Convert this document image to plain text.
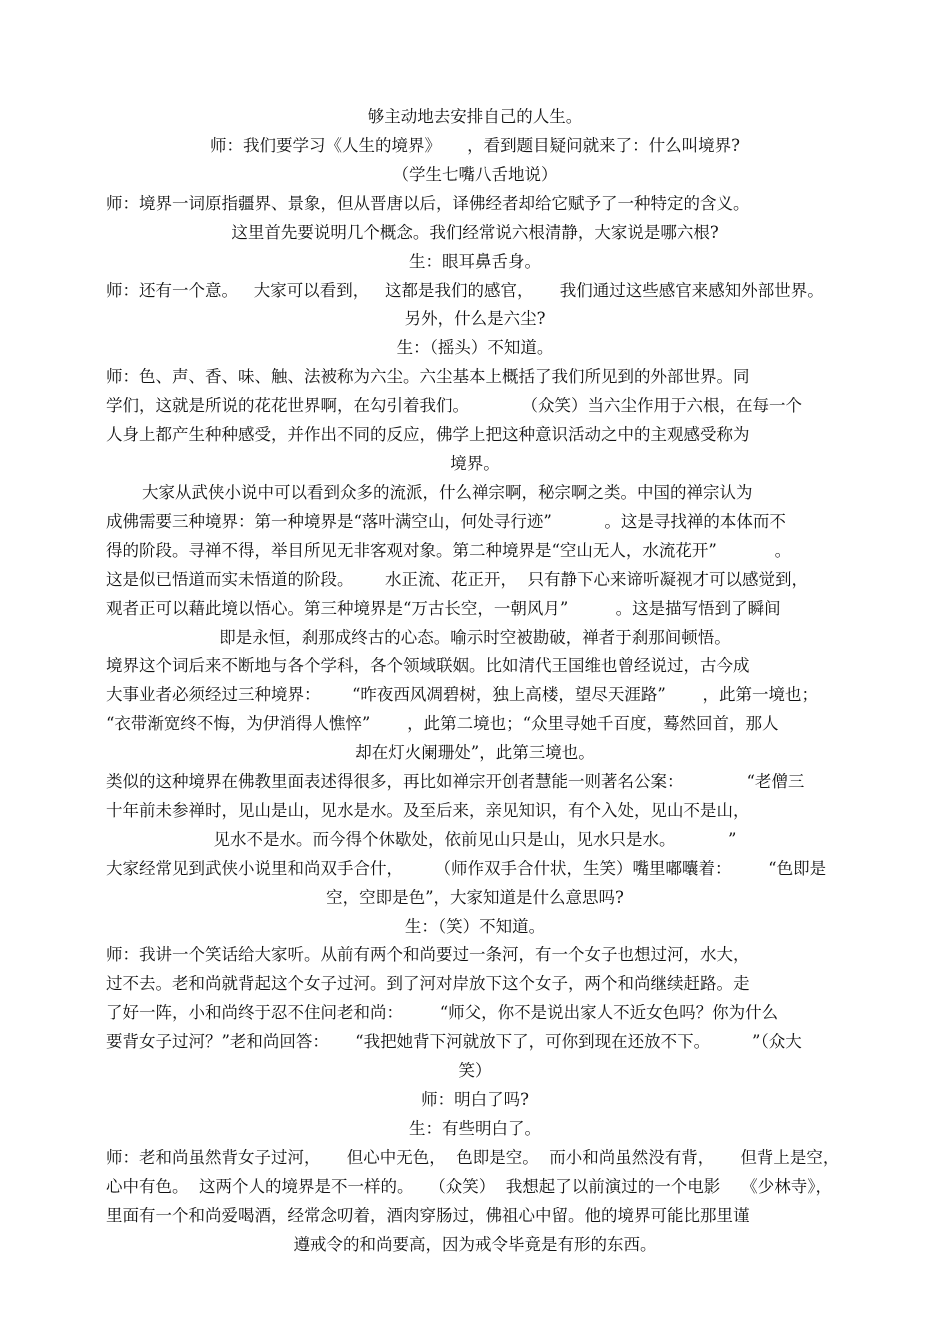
够主动地去安排自己的人生。
师：我们要学习《人生的境界》     ，看到题目疑问就来了：什么叫境界?
（学生七嘴八舌地说）
师：境界一词原指疆界、景象，但从晋唐以后，译佛经者却给它赋予了一种特定的含义。
这里首先要说明几个概念。我们经常说六根清静，大家说是哪六根?
生：眼耳鼻舌身。
师：还有一个意。   大家可以看到，   这都是我们的感官，     我们通过这些感官来感知外部世界。
另外，什么是六尘?
生：（摇头）不知道。
师：色、声、香、味、触、法被称为六尘。六尘基本上概括了我们所见到的外部世界。同
学们，这就是所说的花花世界啊，在勾引着我们。          （众笑）当六尘作用于六根，在每一个
人身上都产生种种感受，并作出不同的反应，佛学上把这种意识活动之中的主观感受称为
境界。
大家从武侠小说中可以看到众多的流派，什么禅宗啊，秘宗啊之类。中国的禅宗认为
成佛需要三种境界：第一种境界是“落叶满空山，何处寻行迹”          。这是寻找禅的本体而不
得的阶段。寻禅不得，举目所见无非客观对象。第二种境界是“空山无人，水流花开”           。
这是似已悟道而实未悟道的阶段。      水正流、花正开，  只有静下心来谛听凝视才可以感觉到，
观者正可以藉此境以悟心。第三种境界是“万古长空，一朝风月”         。这是描写悟到了瞬间
即是永恒，刹那成终古的心态。喻示时空被勘破，禅者于刹那间顿悟。
境界这个词后来不断地与各个学科，各个领域联姻。比如清代王国维也曾经说过，古今成
大事业者必须经过三种境界：      “昨夜西风凋碧树，独上高楼，望尽天涯路”       ，此第一境也；
“衣带渐宽终不悔，为伊消得人憔悴”       ，此第二境也；“众里寻她千百度，蓦然回首，那人
却在灯火阑珊处”，此第三境也。
类似的这种境界在佛教里面表述得很多，再比如禅宗开创者慧能一则著名公案：            “老僧三
十年前未参禅时，见山是山，见水是水。及至后来，亲见知识，有个入处，见山不是山，
见水不是水。而今得个休歇处，依前见山只是山，见水只是水。          ”
大家经常见到武侠小说里和尚双手合什，      （师作双手合什状，生笑）嘴里嘟囔着：       “色即是
空，空即是色”，大家知道是什么意思吗?
生：（笑）不知道。
师：我讲一个笑话给大家听。从前有两个和尚要过一条河，有一个女子也想过河，水大，
过不去。老和尚就背起这个女子过河。到了河对岸放下这个女子，两个和尚继续赶路。走
了好一阵，小和尚终于忍不住问老和尚：       “师父，你不是说出家人不近女色吗？你为什么
要背女子过河？”老和尚回答：     “我把她背下河就放下了，可你到现在还放不下。        ”（众大
笑）
师：明白了吗?
生：有些明白了。
师：老和尚虽然背女子过河，     但心中无色，  色即是空。  而小和尚虽然没有背，     但背上是空，
心中有色。  这两个人的境界是不一样的。   （众笑）  我想起了以前演过的一个电影    《少林寺》，
里面有一个和尚爱喝酒，经常念叨着，酒肉穿肠过，佛祖心中留。他的境界可能比那里谨
遵戒令的和尚要高，因为戒令毕竟是有形的东西。
